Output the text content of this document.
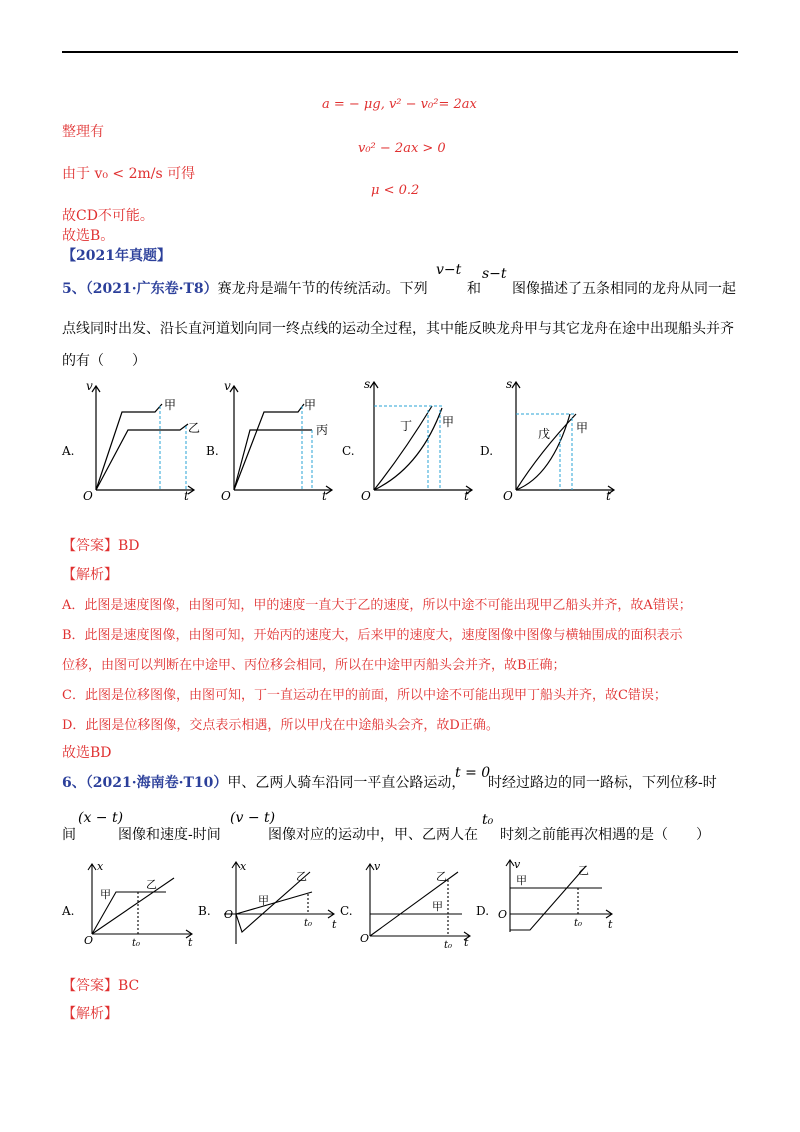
a = − μg, v² − v₀²= 2ax
整理有
v₀² − 2ax > 0
由于 v₀ < 2m/s 可得
μ < 0.2
故CD不可能。
故选B。
【2021年真题】
5、（2021·广东卷·T8）赛龙舟是端午节的传统活动。下列
v−t
和
s−t
图像描述了五条相同的龙舟从同一起
点线同时出发、沿长直河道划向同一终点线的运动全过程，其中能反映龙舟甲与其它龙舟在途中出现船头并齐
的有（　　）
A.	B.	C.	D.
v
O	t
甲
乙
v
O	t
甲
丙
s
O	t
丁 甲
s
O	t
戊 甲
【答案】BD
【解析】
A．此图是速度图像，由图可知，甲的速度一直大于乙的速度，所以中途不可能出现甲乙船头并齐，故A错误；
B．此图是速度图像，由图可知，开始丙的速度大，后来甲的速度大，速度图像中图像与横轴围成的面积表示
位移，由图可以判断在中途甲、丙位移会相同，所以在中途甲丙船头会并齐，故B正确；
C．此图是位移图像，由图可知，丁一直运动在甲的前面，所以中途不可能出现甲丁船头并齐，故C错误；
D．此图是位移图像，交点表示相遇，所以甲戊在中途船头会齐，故D正确。
故选BD
6、（2021·海南卷·T10）甲、乙两人骑车沿同一平直公路运动，
t = 0
时经过路边的同一路标，下列位移-时
间
(x − t)
图像和速度-时间
(v − t)
图像对应的运动中，甲、乙两人在
t₀
时刻之前能再次相遇的是（　　）
A.	B.	C.	D.
x
O	t
t₀
甲
乙
x
O
t
t₀
甲
乙
v
O	t
t₀
甲
乙
v
O
t
t₀
甲
乙
【答案】BC
【解析】
